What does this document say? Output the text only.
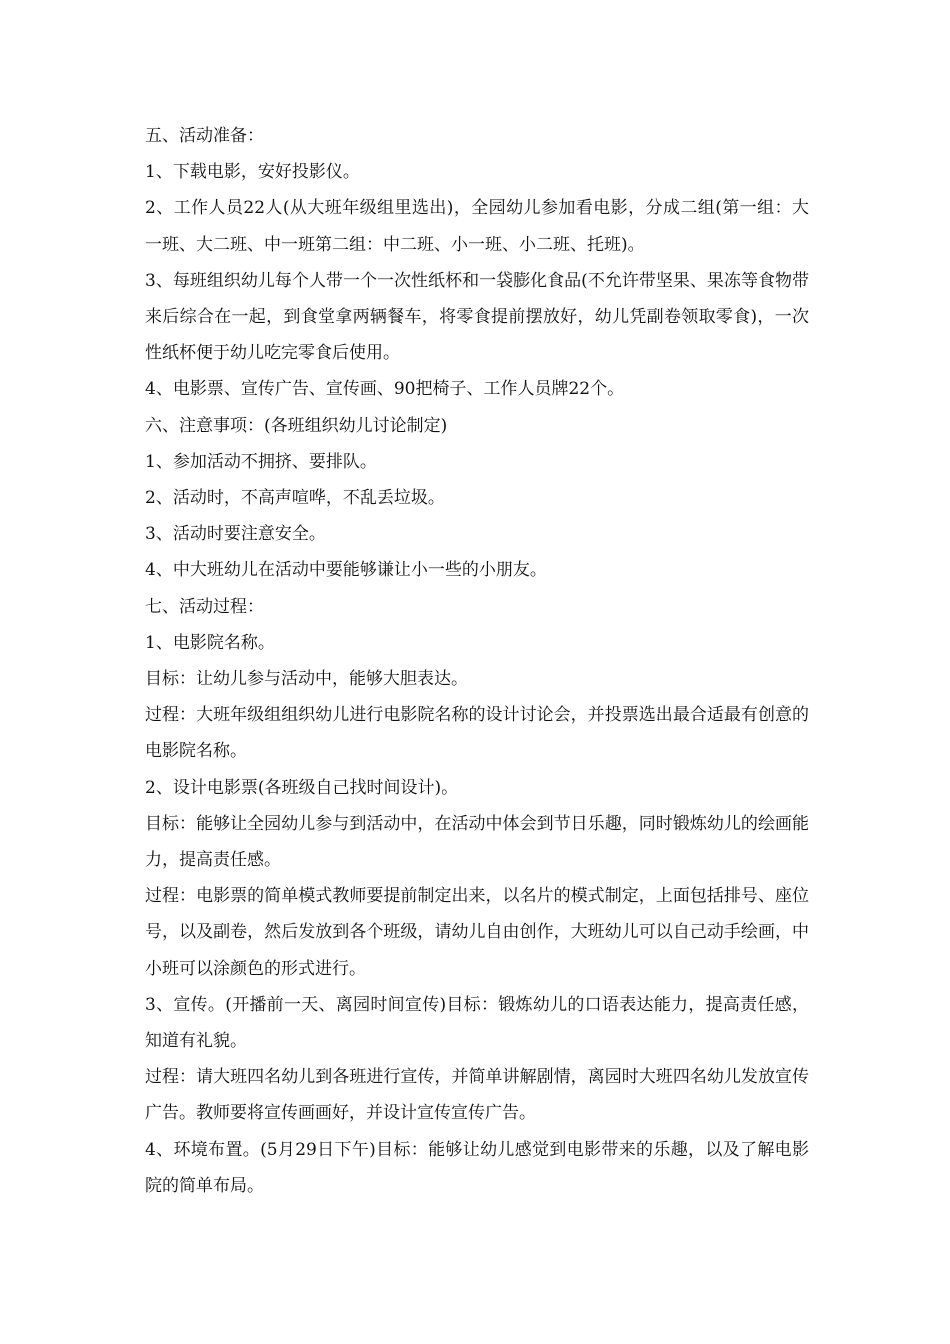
五、活动准备：

1、下载电影，安好投影仪。

2、工作人员22人(从大班年级组里选出)，全园幼儿参加看电影，分成二组(第一组：大一班、大二班、中一班第二组：中二班、小一班、小二班、托班)。

3、每班组织幼儿每个人带一个一次性纸杯和一袋膨化食品(不允许带坚果、果冻等食物带来后综合在一起，到食堂拿两辆餐车，将零食提前摆放好，幼儿凭副卷领取零食)，一次性纸杯便于幼儿吃完零食后使用。

4、电影票、宣传广告、宣传画、90把椅子、工作人员牌22个。

六、注意事项：(各班组织幼儿讨论制定)

1、参加活动不拥挤、要排队。

2、活动时，不高声喧哗，不乱丢垃圾。

3、活动时要注意安全。

4、中大班幼儿在活动中要能够谦让小一些的小朋友。

七、活动过程：

1、电影院名称。

目标：让幼儿参与活动中，能够大胆表达。

过程：大班年级组组织幼儿进行电影院名称的设计讨论会，并投票选出最合适最有创意的电影院名称。

2、设计电影票(各班级自己找时间设计)。

目标：能够让全园幼儿参与到活动中，在活动中体会到节日乐趣，同时锻炼幼儿的绘画能力，提高责任感。

过程：电影票的简单模式教师要提前制定出来，以名片的模式制定，上面包括排号、座位号，以及副卷，然后发放到各个班级，请幼儿自由创作，大班幼儿可以自己动手绘画，中小班可以涂颜色的形式进行。

3、宣传。(开播前一天、离园时间宣传)目标：锻炼幼儿的口语表达能力，提高责任感，知道有礼貌。

过程：请大班四名幼儿到各班进行宣传，并简单讲解剧情，离园时大班四名幼儿发放宣传广告。教师要将宣传画画好，并设计宣传宣传广告。

4、环境布置。(5月29日下午)目标：能够让幼儿感觉到电影带来的乐趣，以及了解电影院的简单布局。
